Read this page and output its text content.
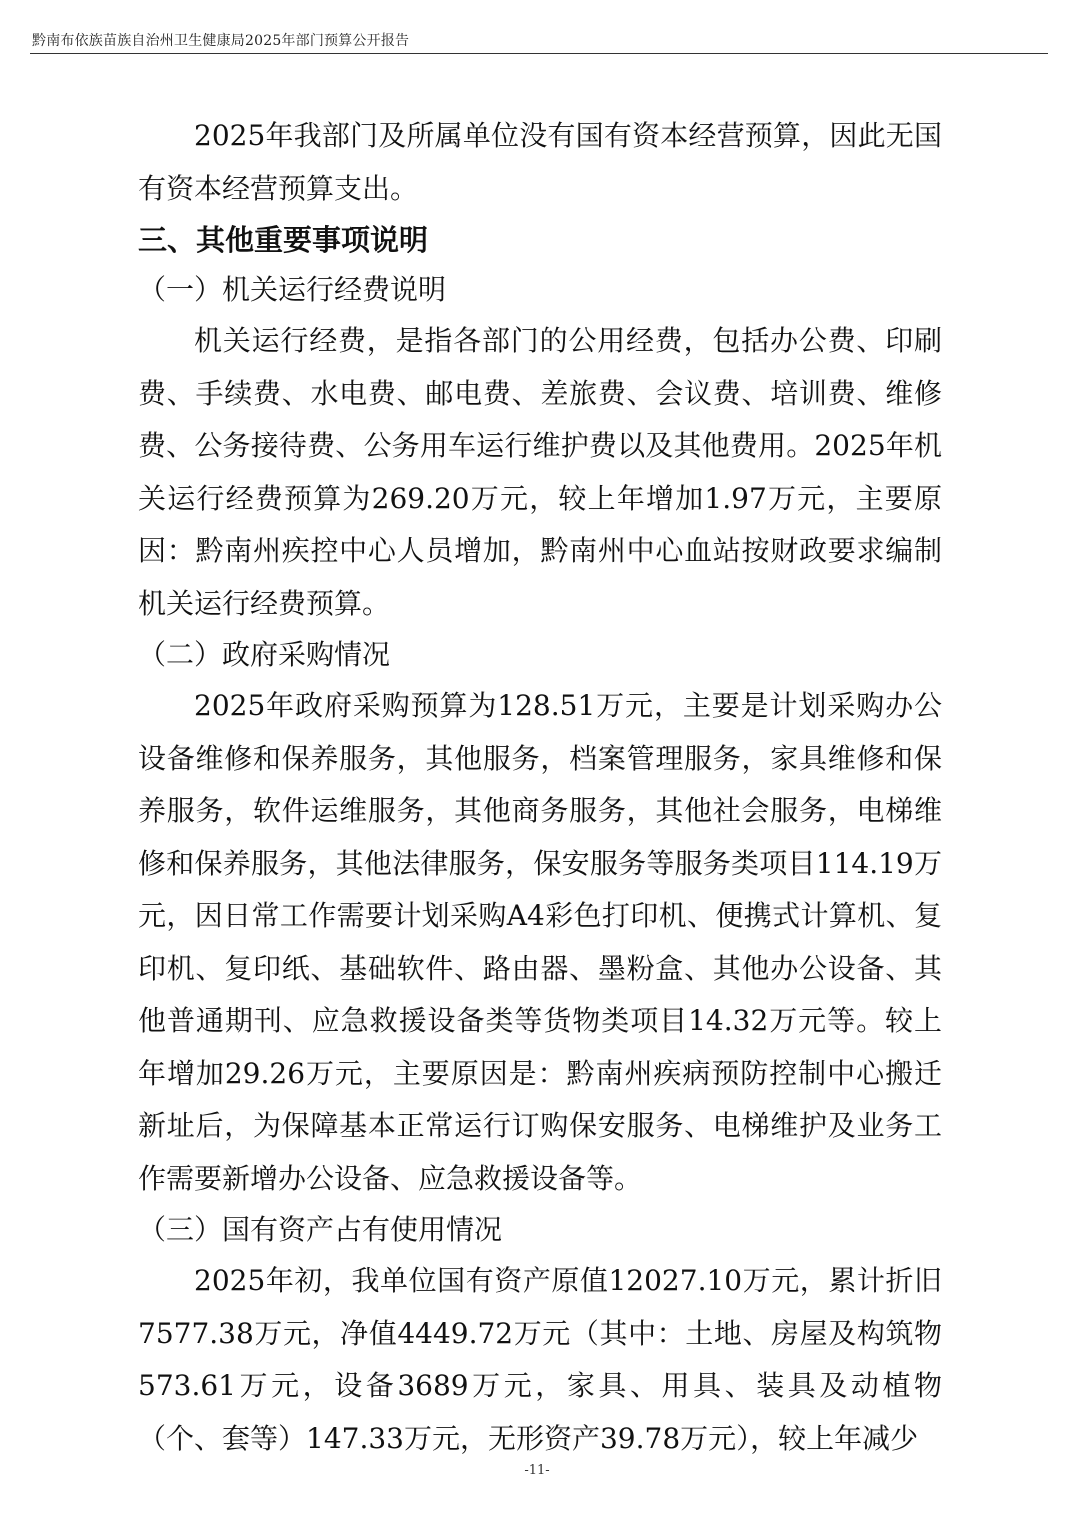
黔南布依族苗族自治州卫生健康局2025年部门预算公开报告

2025年我部门及所属单位没有国有资本经营预算，因此无国有资本经营预算支出。

三、其他重要事项说明

（一）机关运行经费说明

机关运行经费，是指各部门的公用经费，包括办公费、印刷费、手续费、水电费、邮电费、差旅费、会议费、培训费、维修费、公务接待费、公务用车运行维护费以及其他费用。2025年机关运行经费预算为269.20万元，较上年增加1.97万元，主要原因：黔南州疾控中心人员增加，黔南州中心血站按财政要求编制机关运行经费预算。

（二）政府采购情况

2025年政府采购预算为128.51万元，主要是计划采购办公设备维修和保养服务，其他服务，档案管理服务，家具维修和保养服务，软件运维服务，其他商务服务，其他社会服务，电梯维修和保养服务，其他法律服务，保安服务等服务类项目114.19万元，因日常工作需要计划采购A4彩色打印机、便携式计算机、复印机、复印纸、基础软件、路由器、墨粉盒、其他办公设备、其他普通期刊、应急救援设备类等货物类项目14.32万元等。较上年增加29.26万元，主要原因是：黔南州疾病预防控制中心搬迁新址后，为保障基本正常运行订购保安服务、电梯维护及业务工作需要新增办公设备、应急救援设备等。

（三）国有资产占有使用情况

2025年初，我单位国有资产原值12027.10万元，累计折旧7577.38万元，净值4449.72万元（其中：土地、房屋及构筑物573.61万元，设备3689万元，家具、用具、装具及动植物（个、套等）147.33万元，无形资产39.78万元），较上年减少

-11-
